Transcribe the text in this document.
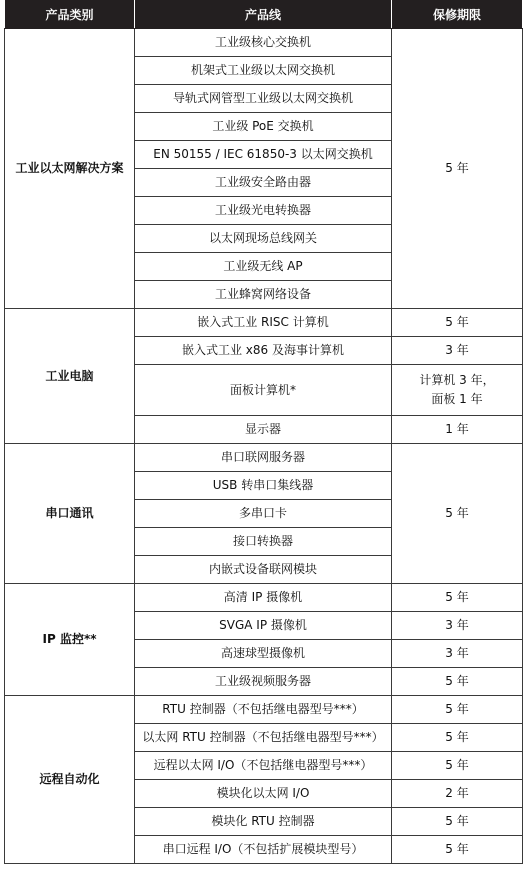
产品类别	产品线	保修期限
工业以太网解决方案	工业级核心交换机	5 年
	机架式工业级以太网交换机	
	导轨式网管型工业级以太网交换机	
	工业级 PoE 交换机	
	EN 50155 / IEC 61850-3 以太网交换机	
	工业级安全路由器	
	工业级光电转换器	
	以太网现场总线网关	
	工业级无线 AP	
	工业蜂窝网络设备	
工业电脑	嵌入式工业 RISC 计算机	5 年
	嵌入式工业 x86 及海事计算机	3 年
	面板计算机*	计算机 3 年，
面板 1 年
	显示器	1 年
串口通讯	串口联网服务器	5 年
	USB 转串口集线器	
	多串口卡	
	接口转换器	
	内嵌式设备联网模块	
IP 监控**	高清 IP 摄像机	5 年
	SVGA IP 摄像机	3 年
	高速球型摄像机	3 年
	工业级视频服务器	5 年
远程自动化	RTU 控制器（不包括继电器型号***）	5 年
	以太网 RTU 控制器（不包括继电器型号***）	5 年
	远程以太网 I/O（不包括继电器型号***）	5 年
	模块化以太网 I/O	2 年
	模块化 RTU 控制器	5 年
	串口远程 I/O（不包括扩展模块型号）	5 年
